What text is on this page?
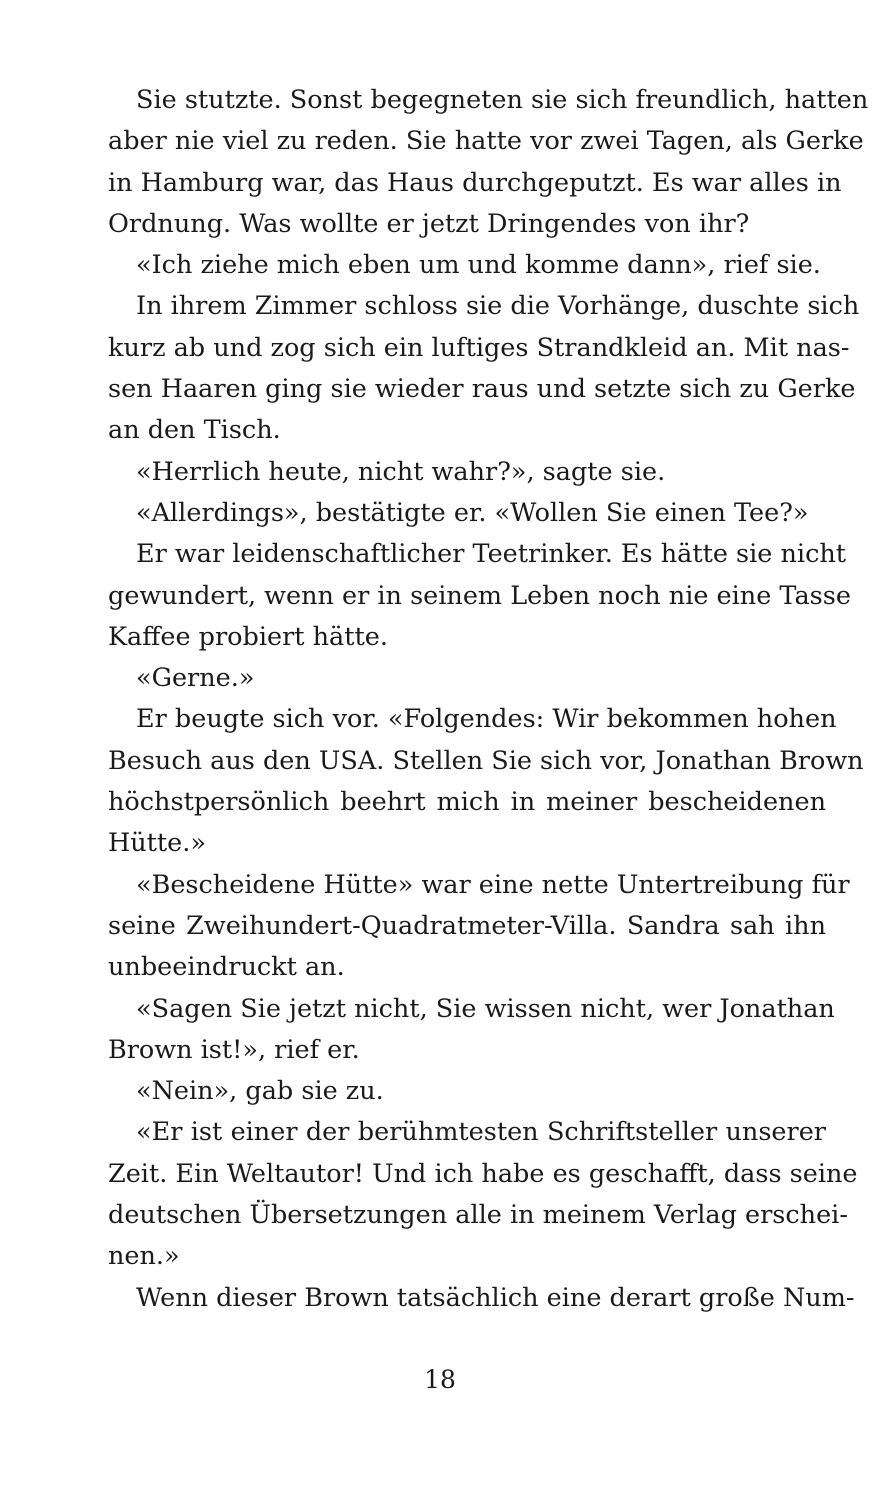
Sie stutzte. Sonst begegneten sie sich freundlich, hatten
aber nie viel zu reden. Sie hatte vor zwei Tagen, als Gerke
in Hamburg war, das Haus durchgeputzt. Es war alles in
Ordnung. Was wollte er jetzt Dringendes von ihr?
«Ich ziehe mich eben um und komme dann», rief sie.
In ihrem Zimmer schloss sie die Vorhänge, duschte sich
kurz ab und zog sich ein luftiges Strandkleid an. Mit nas-
sen Haaren ging sie wieder raus und setzte sich zu Gerke
an den Tisch.
«Herrlich heute, nicht wahr?», sagte sie.
«Allerdings», bestätigte er. «Wollen Sie einen Tee?»
Er war leidenschaftlicher Teetrinker. Es hätte sie nicht
gewundert, wenn er in seinem Leben noch nie eine Tasse
Kaffee probiert hätte.
«Gerne.»
Er beugte sich vor. «Folgendes: Wir bekommen hohen
Besuch aus den USA. Stellen Sie sich vor, Jonathan Brown
höchstpersönlich beehrt mich in meiner bescheidenen
Hütte.»
«Bescheidene Hütte» war eine nette Untertreibung für
seine Zweihundert-Quadratmeter-Villa. Sandra sah ihn
unbeeindruckt an.
«Sagen Sie jetzt nicht, Sie wissen nicht, wer Jonathan
Brown ist!», rief er.
«Nein», gab sie zu.
«Er ist einer der berühmtesten Schriftsteller unserer
Zeit. Ein Weltautor! Und ich habe es geschafft, dass seine
deutschen Übersetzungen alle in meinem Verlag erschei-
nen.»
Wenn dieser Brown tatsächlich eine derart große Num-
18
